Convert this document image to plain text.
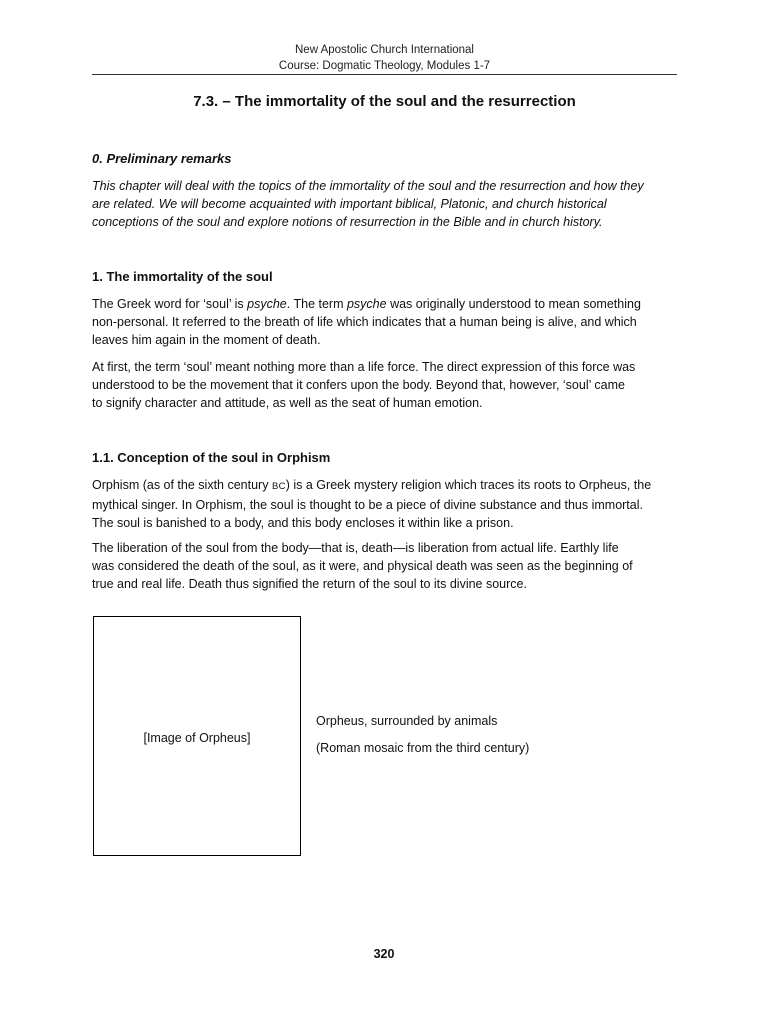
New Apostolic Church International
Course: Dogmatic Theology, Modules 1-7
7.3. – The immortality of the soul and the resurrection
0. Preliminary remarks
This chapter will deal with the topics of the immortality of the soul and the resurrection and how they
are related. We will become acquainted with important biblical, Platonic, and church historical
conceptions of the soul and explore notions of resurrection in the Bible and in church history.
1. The immortality of the soul
The Greek word for ‘soul’ is psyche. The term psyche was originally understood to mean something
non-personal. It referred to the breath of life which indicates that a human being is alive, and which
leaves him again in the moment of death.
At first, the term ‘soul’ meant nothing more than a life force. The direct expression of this force was
understood to be the movement that it confers upon the body. Beyond that, however, ‘soul’ came
to signify character and attitude, as well as the seat of human emotion.
1.1. Conception of the soul in Orphism
Orphism (as of the sixth century BC) is a Greek mystery religion which traces its roots to Orpheus, the
mythical singer. In Orphism, the soul is thought to be a piece of divine substance and thus immortal.
The soul is banished to a body, and this body encloses it within like a prison.
The liberation of the soul from the body—that is, death—is liberation from actual life. Earthly life
was considered the death of the soul, as it were, and physical death was seen as the beginning of
true and real life. Death thus signified the return of the soul to its divine source.
[Image of Orpheus]

Orpheus, surrounded by animals

(Roman mosaic from the third century)

320
